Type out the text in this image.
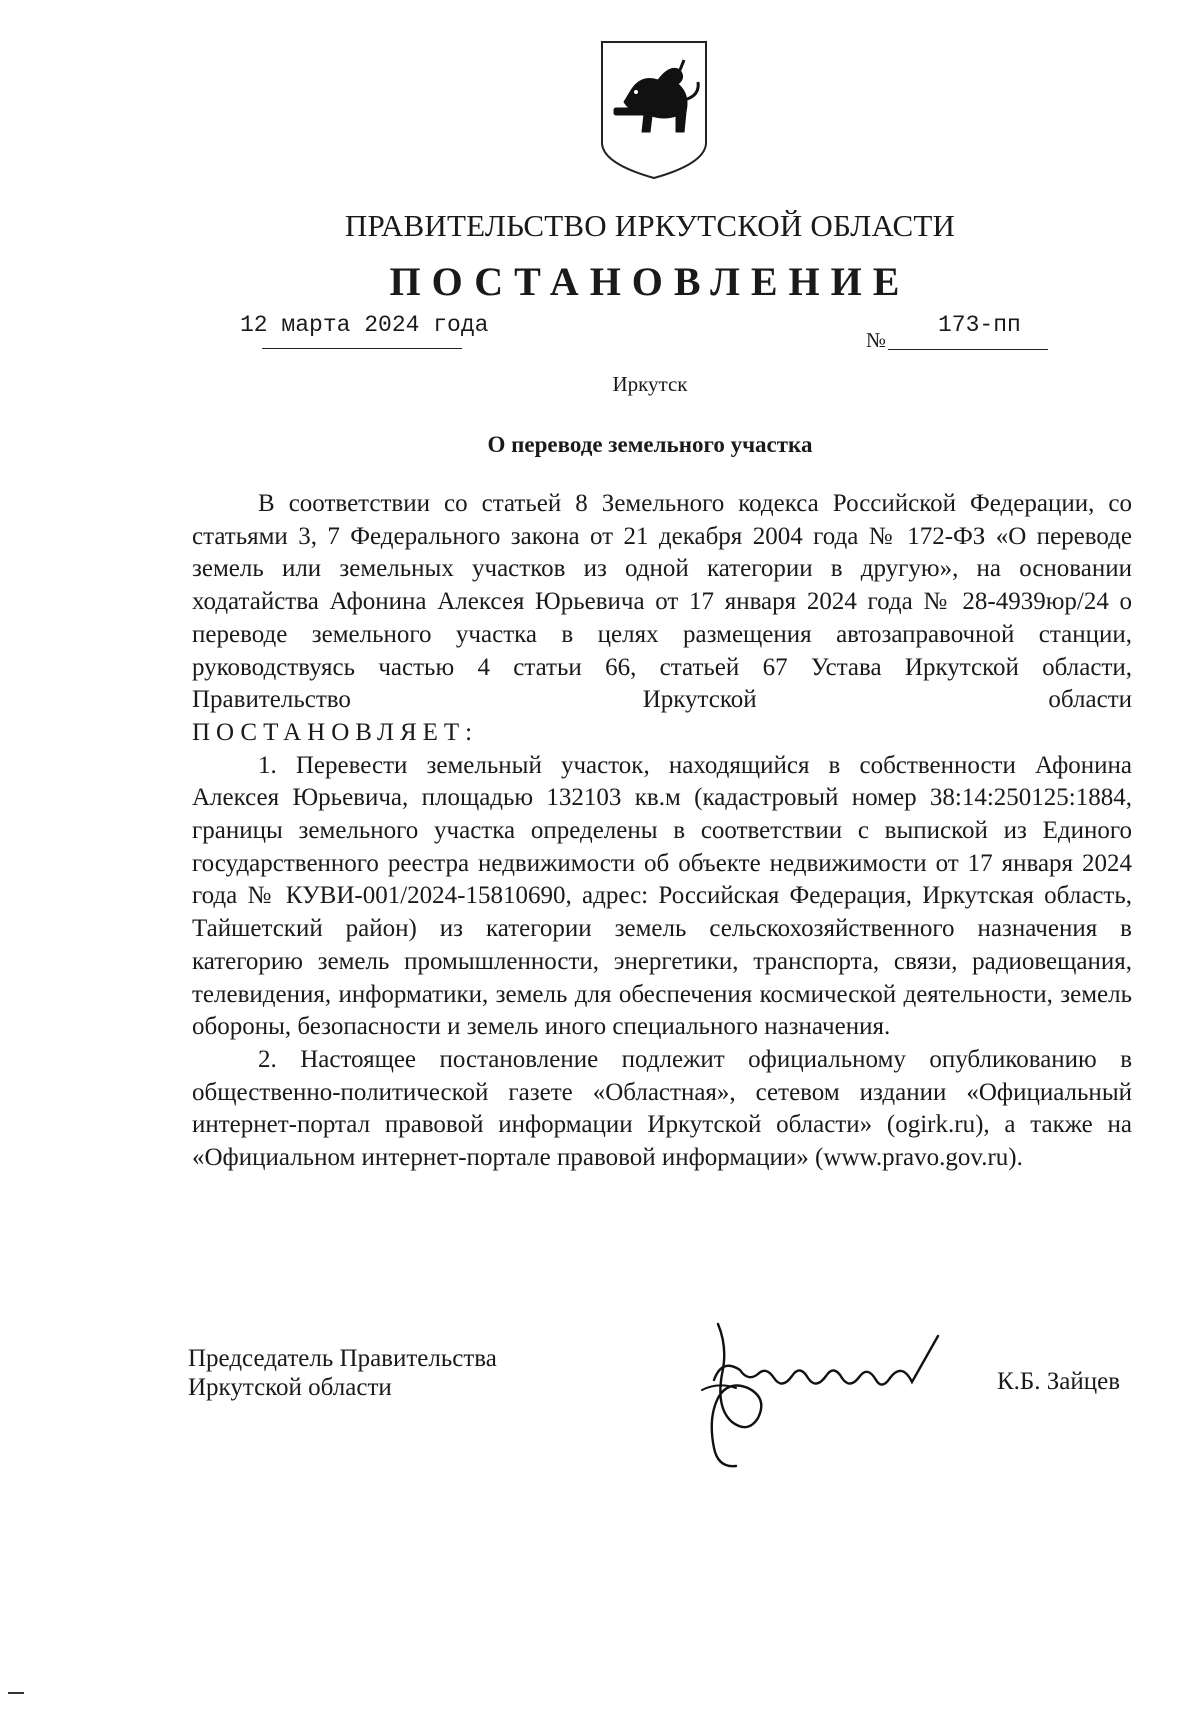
ПРАВИТЕЛЬСТВО ИРКУТСКОЙ ОБЛАСТИ
ПОСТАНОВЛЕНИЕ
12 марта 2024 года
№
173-пп
Иркутск
О переводе земельного участка

В соответствии со статьей 8 Земельного кодекса Российской Федерации, со статьями 3, 7 Федерального закона от 21 декабря 2004 года № 172-ФЗ «О переводе земель или земельных участков из одной категории в другую», на основании ходатайства Афонина Алексея Юрьевича от 17 января 2024 года № 28-4939юр/24 о переводе земельного участка в целях размещения автозаправочной станции, руководствуясь частью 4 статьи 66, статьей 67 Устава Иркутской области, Правительство Иркутской области

ПОСТАНОВЛЯЕТ:

1. Перевести земельный участок, находящийся в собственности Афонина Алексея Юрьевича, площадью 132103 кв.м (кадастровый номер 38:14:250125:1884, границы земельного участка определены в соответствии с выпиской из Единого государственного реестра недвижимости об объекте недвижимости от 17 января 2024 года № КУВИ-001/2024-15810690, адрес: Российская Федерация, Иркутская область, Тайшетский район) из категории земель сельскохозяйственного назначения в категорию земель промышленности, энергетики, транспорта, связи, радиовещания, телевидения, информатики, земель для обеспечения космической деятельности, земель обороны, безопасности и земель иного специального назначения.

2. Настоящее постановление подлежит официальному опубликованию в общественно-политической газете «Областная», сетевом издании «Официальный интернет-портал правовой информации Иркутской области» (ogirk.ru), а также на «Официальном интернет-портале правовой информации» (www.pravo.gov.ru).

Председатель Правительства
Иркутской области	К.Б. Зайцев
